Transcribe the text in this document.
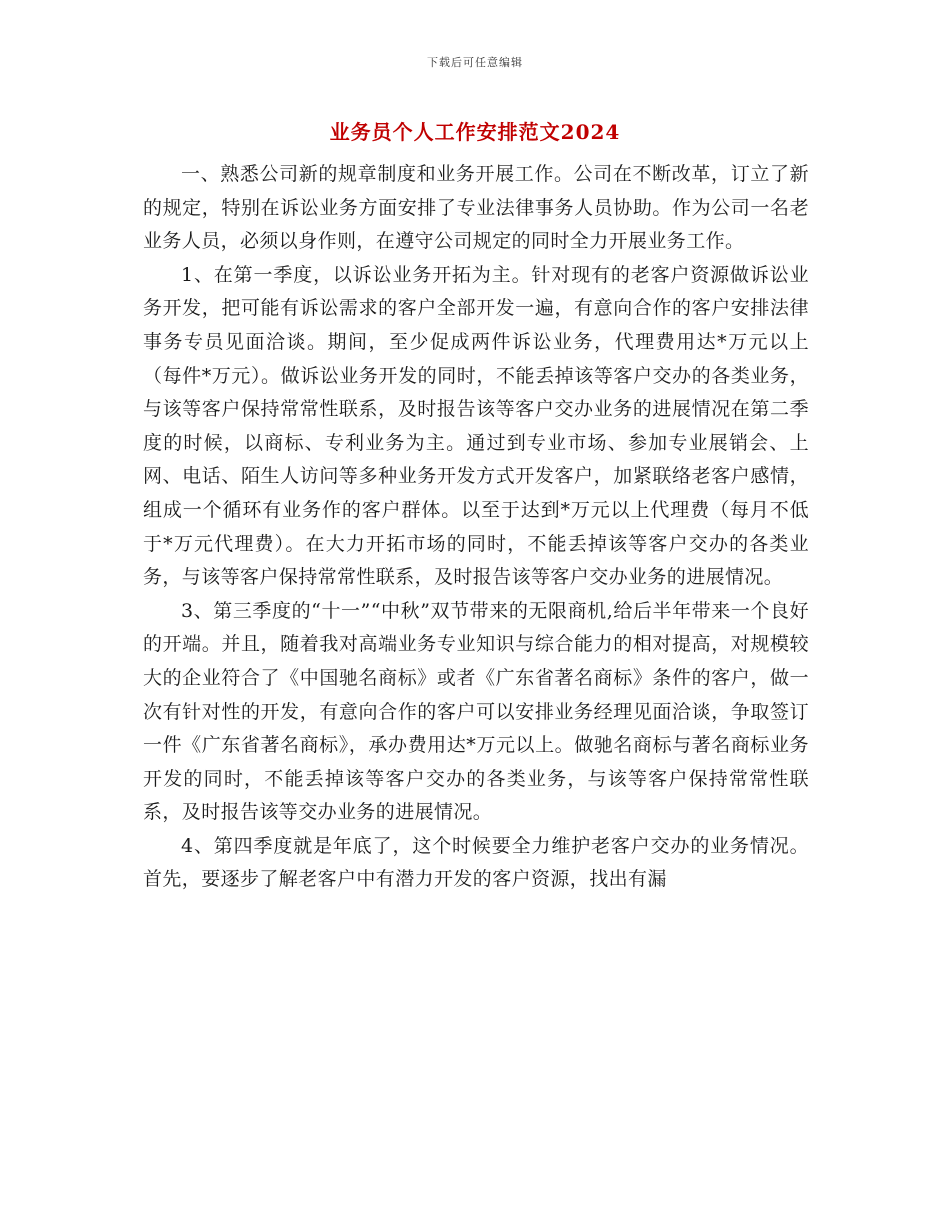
下载后可任意编辑
业务员个人工作安排范文2024

一、熟悉公司新的规章制度和业务开展工作。公司在不断改革，订立了新的规定，特别在诉讼业务方面安排了专业法律事务人员协助。作为公司一名老业务人员，必须以身作则，在遵守公司规定的同时全力开展业务工作。

1、在第一季度，以诉讼业务开拓为主。针对现有的老客户资源做诉讼业务开发，把可能有诉讼需求的客户全部开发一遍，有意向合作的客户安排法律事务专员见面洽谈。期间，至少促成两件诉讼业务，代理费用达*万元以上（每件*万元）。做诉讼业务开发的同时，不能丢掉该等客户交办的各类业务，与该等客户保持常常性联系，及时报告该等客户交办业务的进展情况在第二季度的时候，以商标、专利业务为主。通过到专业市场、参加专业展销会、上网、电话、陌生人访问等多种业务开发方式开发客户，加紧联络老客户感情，组成一个循环有业务作的客户群体。以至于达到*万元以上代理费（每月不低于*万元代理费）。在大力开拓市场的同时，不能丢掉该等客户交办的各类业务，与该等客户保持常常性联系，及时报告该等客户交办业务的进展情况。

3、第三季度的“十一”“中秋”双节带来的无限商机,给后半年带来一个良好的开端。并且，随着我对高端业务专业知识与综合能力的相对提高，对规模较大的企业符合了《中国驰名商标》或者《广东省著名商标》条件的客户，做一次有针对性的开发，有意向合作的客户可以安排业务经理见面洽谈，争取签订一件《广东省著名商标》，承办费用达*万元以上。做驰名商标与著名商标业务开发的同时，不能丢掉该等客户交办的各类业务，与该等客户保持常常性联系，及时报告该等交办业务的进展情况。

4、第四季度就是年底了，这个时候要全力维护老客户交办的业务情况。首先，要逐步了解老客户中有潜力开发的客户资源，找出有漏
